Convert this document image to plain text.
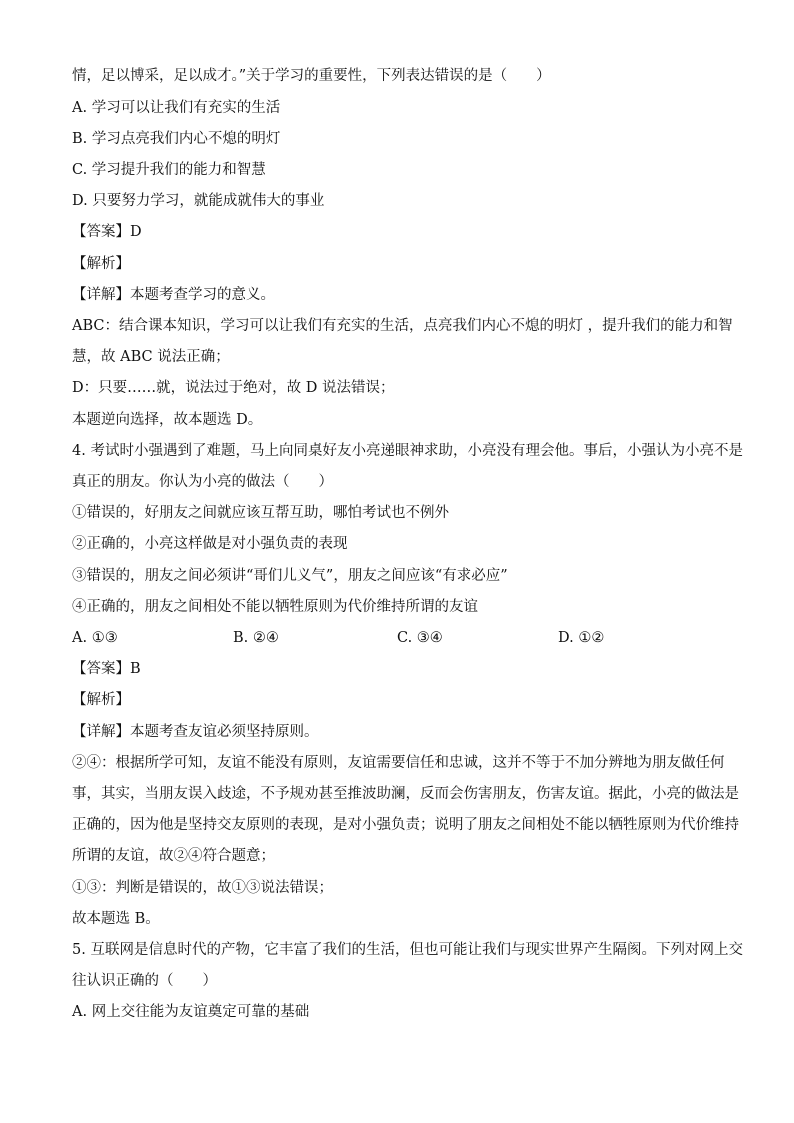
情，足以博采，足以成才。”关于学习的重要性，下列表达错误的是（　　）
A. 学习可以让我们有充实的生活
B. 学习点亮我们内心不熄的明灯
C. 学习提升我们的能力和智慧
D. 只要努力学习，就能成就伟大的事业
【答案】D
【解析】
【详解】本题考查学习的意义。
ABC：结合课本知识，学习可以让我们有充实的生活，点亮我们内心不熄的明灯 ，提升我们的能力和智
慧，故 ABC 说法正确；
D：只要……就，说法过于绝对，故 D 说法错误；
本题逆向选择，故本题选 D。
4. 考试时小强遇到了难题，马上向同桌好友小亮递眼神求助，小亮没有理会他。事后，小强认为小亮不是
真正的朋友。你认为小亮的做法（　　）
①错误的，好朋友之间就应该互帮互助，哪怕考试也不例外
②正确的，小亮这样做是对小强负责的表现
③错误的，朋友之间必须讲“哥们儿义气”，朋友之间应该“有求必应”
④正确的，朋友之间相处不能以牺牲原则为代价维持所谓的友谊
A. ①③	B. ②④	C. ③④	D. ①②
【答案】B
【解析】
【详解】本题考查友谊必须坚持原则。
②④：根据所学可知，友谊不能没有原则，友谊需要信任和忠诚，这并不等于不加分辨地为朋友做任何
事，其实，当朋友误入歧途，不予规劝甚至推波助澜，反而会伤害朋友，伤害友谊。据此，小亮的做法是
正确的，因为他是坚持交友原则的表现，是对小强负责；说明了朋友之间相处不能以牺牲原则为代价维持
所谓的友谊，故②④符合题意；
①③：判断是错误的，故①③说法错误；
故本题选 B。
5. 互联网是信息时代的产物，它丰富了我们的生活，但也可能让我们与现实世界产生隔阂。下列对网上交
往认识正确的（　　）
A. 网上交往能为友谊奠定可靠的基础
